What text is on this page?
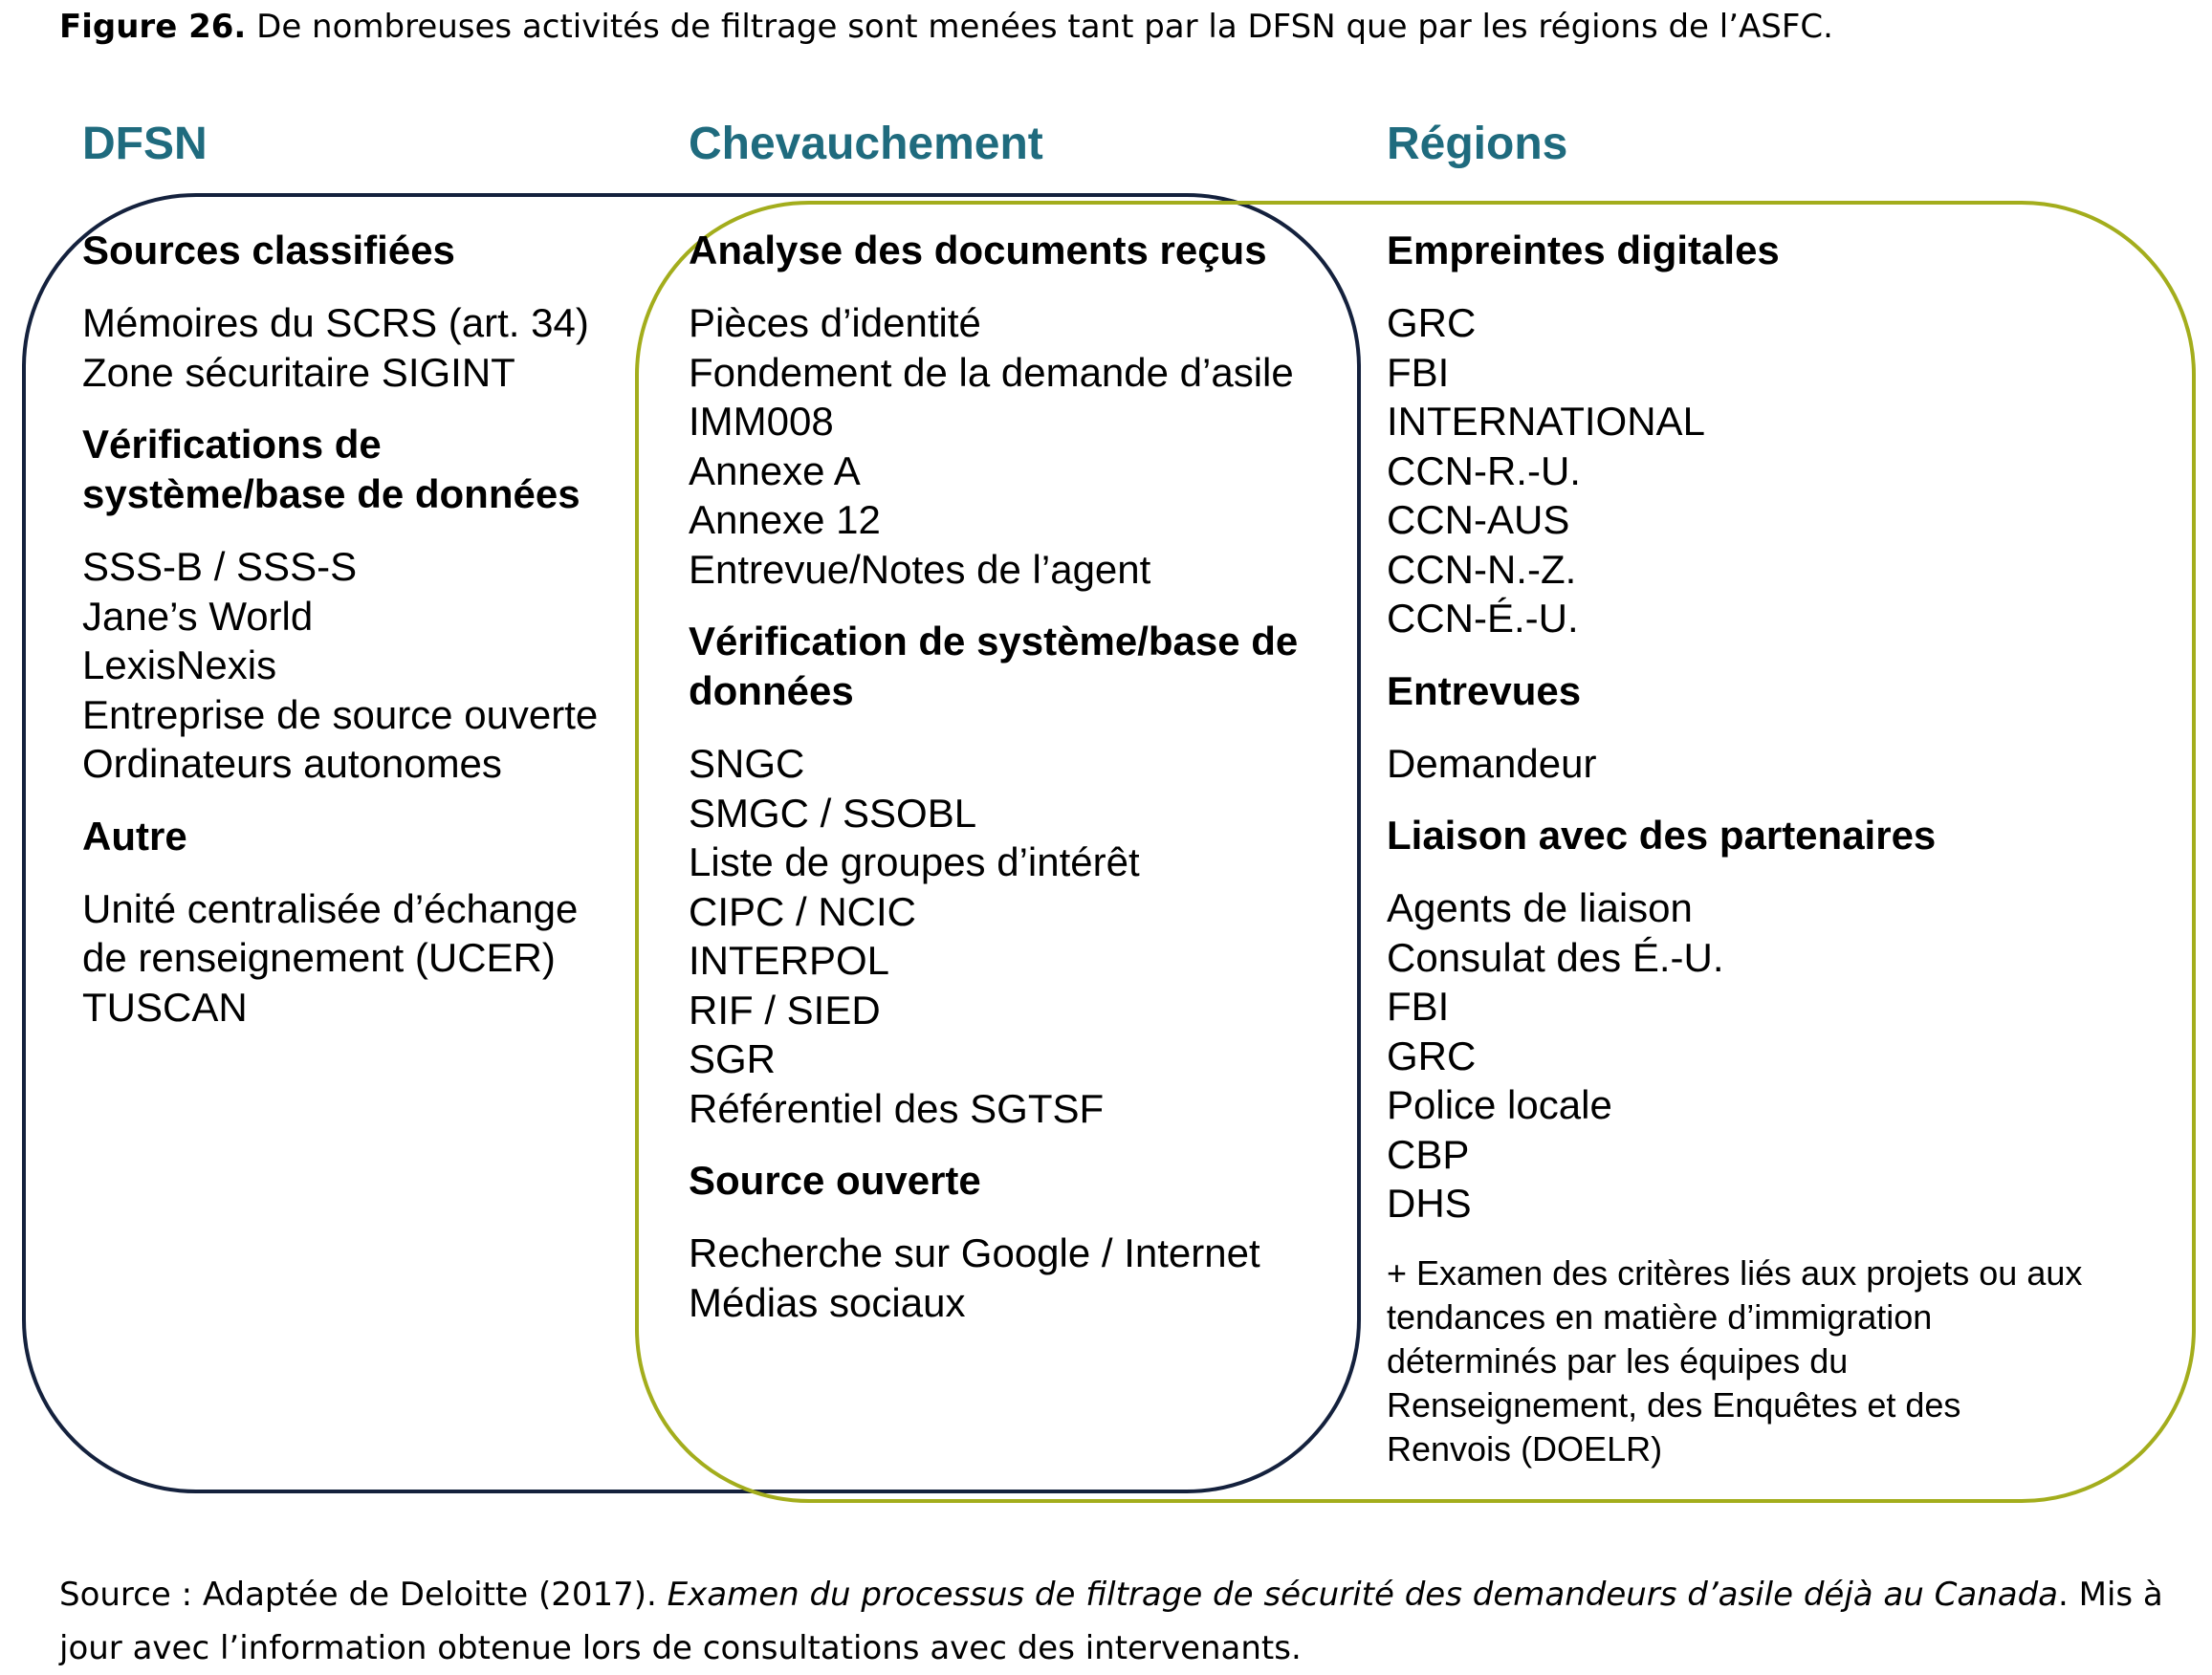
Figure 26. De nombreuses activités de filtrage sont menées tant par la DFSN que par les régions de l’ASFC.
DFSN	Chevauchement	Régions
Sources classifiées
Mémoires du SCRS (art. 34)
Zone sécuritaire SIGINT
Vérifications de
système/base de données
SSS-B / SSS-S
Jane’s World
LexisNexis
Entreprise de source ouverte
Ordinateurs autonomes
Autre
Unité centralisée d’échange
de renseignement (UCER)
TUSCAN
Analyse des documents reçus
Pièces d’identité
Fondement de la demande d’asile
IMM008
Annexe A
Annexe 12
Entrevue/Notes de l’agent
Vérification de système/base de
données
SNGC
SMGC / SSOBL
Liste de groupes d’intérêt
CIPC / NCIC
INTERPOL
RIF / SIED
SGR
Référentiel des SGTSF
Source ouverte
Recherche sur Google / Internet
Médias sociaux
Empreintes digitales
GRC
FBI
INTERNATIONAL
CCN-R.-U.
CCN-AUS
CCN-N.-Z.
CCN-É.-U.
Entrevues
Demandeur
Liaison avec des partenaires
Agents de liaison
Consulat des É.-U.
FBI
GRC
Police locale
CBP
DHS
+ Examen des critères liés aux projets ou aux
tendances en matière d’immigration
déterminés par les équipes du
Renseignement, des Enquêtes et des
Renvois (DOELR)
Source : Adaptée de Deloitte (2017). Examen du processus de filtrage de sécurité des demandeurs d’asile déjà au Canada. Mis à jour avec l’information obtenue lors de consultations avec des intervenants.
